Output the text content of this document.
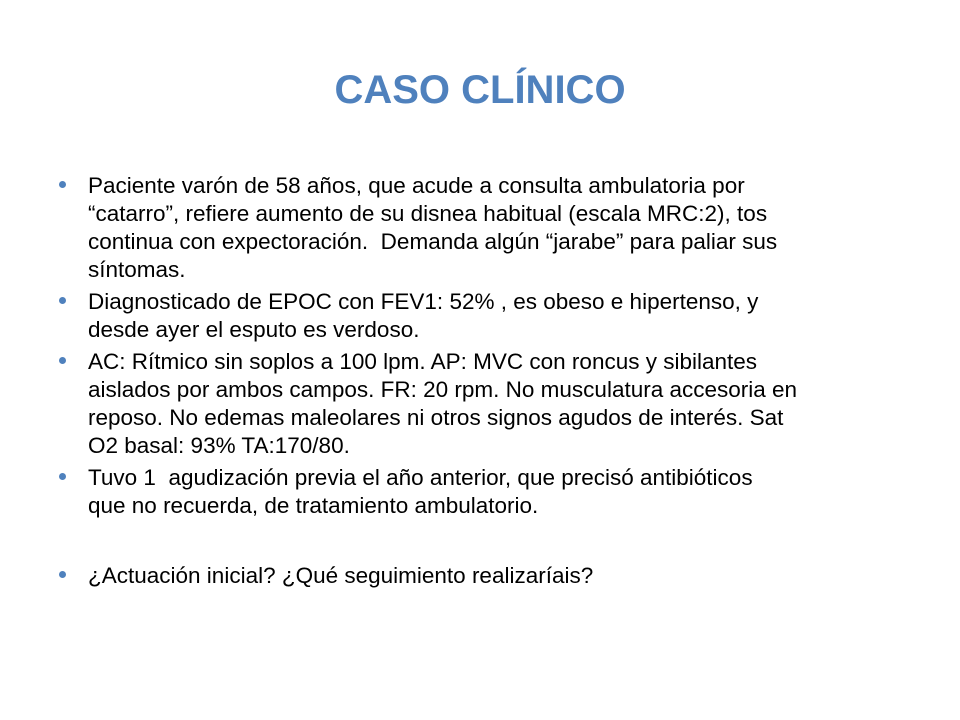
CASO CLÍNICO
Paciente varón de 58 años, que acude a consulta ambulatoria por
“catarro”, refiere aumento de su disnea habitual (escala MRC:2), tos
continua con expectoración.  Demanda algún “jarabe” para paliar sus
síntomas.
Diagnosticado de EPOC con FEV1: 52% , es obeso e hipertenso, y
desde ayer el esputo es verdoso.
AC: Rítmico sin soplos a 100 lpm. AP: MVC con roncus y sibilantes
aislados por ambos campos. FR: 20 rpm. No musculatura accesoria en
reposo. No edemas maleolares ni otros signos agudos de interés. Sat
O2 basal: 93% TA:170/80.
Tuvo 1  agudización previa el año anterior, que precisó antibióticos
que no recuerda, de tratamiento ambulatorio.
¿Actuación inicial? ¿Qué seguimiento realizaríais?
